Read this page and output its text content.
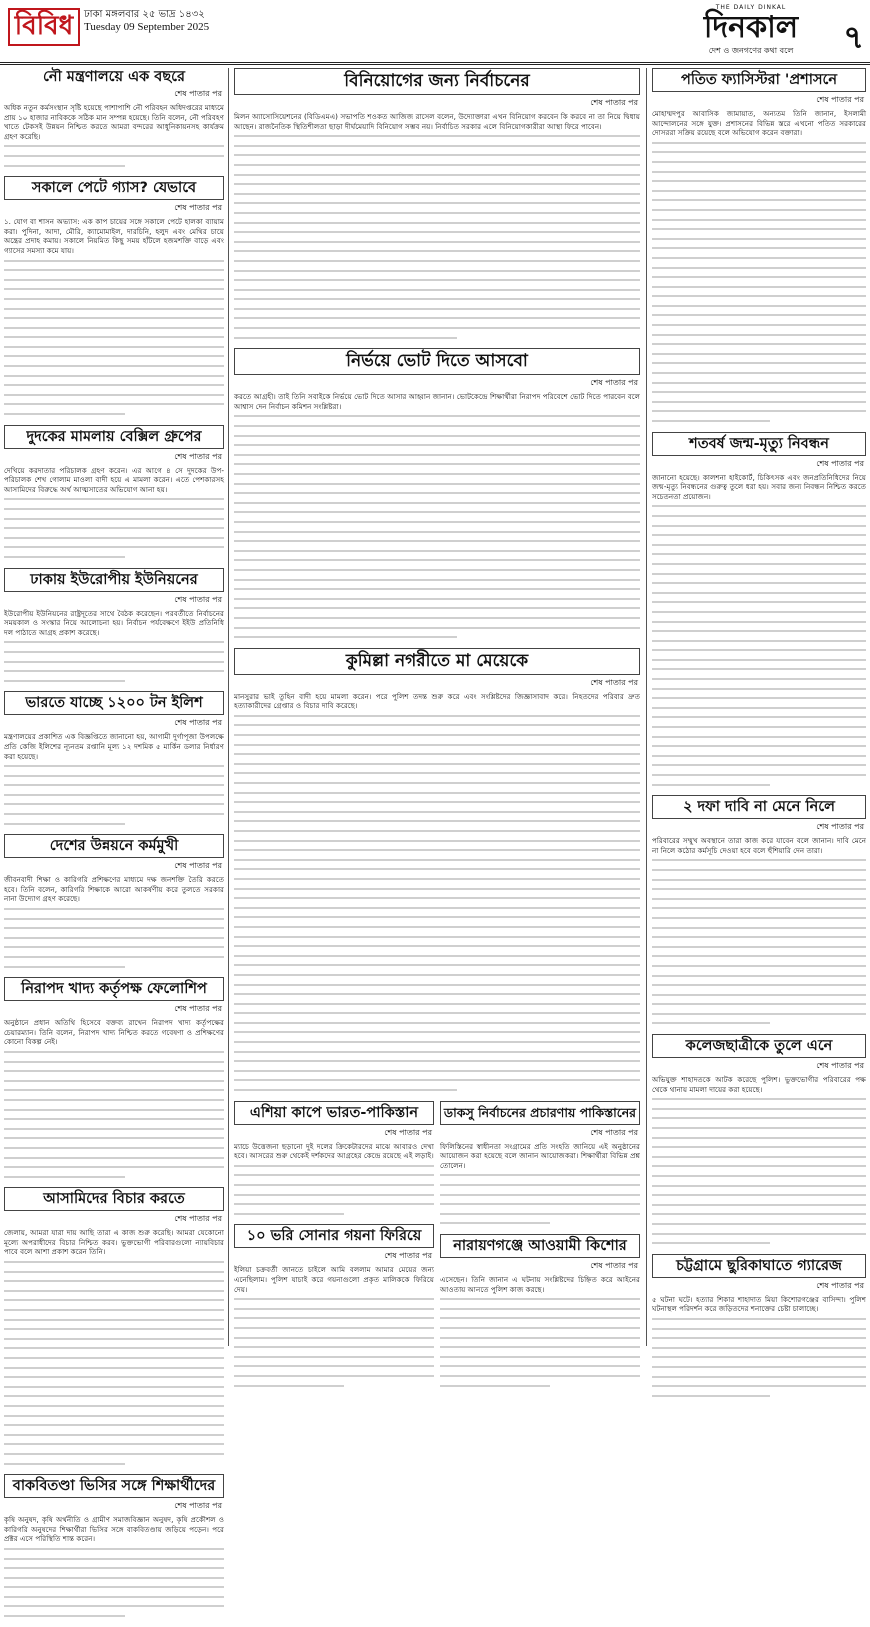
বিবিধ	ঢাকা মঙ্গলবার ২৫ ভাদ্র ১৪৩২
Tuesday 09 September 2025
THE DAILY DINKAL
দিনকাল
দেশ ও জনগণের কথা বলে	৭
নৌ মন্ত্রণালয়ে এক বছরে
শেষ পাতার পর

অধিক নতুন কর্মসংস্থান সৃষ্টি হয়েছে পাশাপাশি নৌ পরিবহন অধিদপ্তরের মাধ্যমে প্রায় ১০ হাজার নাবিককে সঠিক মান সম্পন্ন হয়েছে। তিনি বলেন, নৌ পরিবহণ খাতে টেকসই উন্নয়ন নিশ্চিত করতে আমরা বন্দরের আধুনিকায়নসহ কার্যক্রম গ্রহণ করেছি।

সকালে পেটে গ্যাস? যেভাবে
শেষ পাতার পর

১. যোগ বা শাসন অভ্যাস: এক কাপ চায়ের সঙ্গে সকালে পেটে হালকা ব্যায়াম করা। পুদিনা, আদা, মৌরি, ক্যামোমাইল, দারচিনি, হলুদ এবং মেথির চায়ে অন্ত্রের প্রদাহ কমায়। সকালে নিয়মিত কিছু সময় হাঁটলে হজমশক্তি বাড়ে এবং গ্যাসের সমস্যা কমে যায়।

দুদকের মামলায় বেক্সিল গ্রুপের
শেষ পাতার পর

দেখিয়ে করদাতার পরিচালক গ্রহণ করেন। এর আগে ৪ সে দুদকের উপ-পরিচালক শেখ গোলাম মাওলা বাদী হয়ে এ মামলা করেন। এতে পেশকারসহ আসামিদের বিরুদ্ধে অর্থ আত্মসাতের অভিযোগ আনা হয়।

ঢাকায় ইউরোপীয় ইউনিয়নের
শেষ পাতার পর

ইউরোপীয় ইউনিয়নের রাষ্ট্রদূতের সাথে বৈঠক করেছেন। পরবর্তীতে নির্বাচনের সময়কাল ও সংস্কার নিয়ে আলোচনা হয়। নির্বাচন পর্যবেক্ষণে ইইউ প্রতিনিধি দল পাঠাতে আগ্রহ প্রকাশ করেছে।

ভারতে যাচ্ছে ১২০০ টন ইলিশ
শেষ পাতার পর

মন্ত্রণালয়ের প্রকাশিত এক বিজ্ঞপ্তিতে জানানো হয়, আগামী দুর্গাপূজা উপলক্ষে প্রতি কেজি ইলিশের ন্যূনতম রপ্তানি মূল্য ১২ দশমিক ৫ মার্কিন ডলার নির্ধারণ করা হয়েছে।

দেশের উন্নয়নে কর্মমুখী
শেষ পাতার পর

জীবনবাদী শিক্ষা ও কারিগরি প্রশিক্ষণের মাধ্যমে দক্ষ জনশক্তি তৈরি করতে হবে। তিনি বলেন, কারিগরি শিক্ষাকে আরো আকর্ষণীয় করে তুলতে সরকার নানা উদ্যোগ গ্রহণ করেছে।

নিরাপদ খাদ্য কর্তৃপক্ষ ফেলোশিপ
শেষ পাতার পর

অনুষ্ঠানে প্রধান অতিথি হিসেবে বক্তব্য রাখেন নিরাপদ খাদ্য কর্তৃপক্ষের চেয়ারম্যান। তিনি বলেন, নিরাপদ খাদ্য নিশ্চিত করতে গবেষণা ও প্রশিক্ষণের কোনো বিকল্প নেই।

আসামিদের বিচার করতে
শেষ পাতার পর

জেলায়, আমরা যারা দায় আছি তারা এ কাজ শুরু করেছি। আমরা যেকোনো মূল্যে অপরাধীদের বিচার নিশ্চিত করব। ভুক্তভোগী পরিবারগুলো ন্যায়বিচার পাবে বলে আশা প্রকাশ করেন তিনি।

বাকবিতণ্ডা ভিসির সঙ্গে শিক্ষার্থীদের
শেষ পাতার পর

কৃষি অনুষদ, কৃষি অর্থনীতি ও গ্রামীণ সমাজবিজ্ঞান অনুষদ, কৃষি প্রকৌশল ও কারিগরি অনুষদের শিক্ষার্থীরা ভিসির সঙ্গে বাকবিতণ্ডায় জড়িয়ে পড়েন। পরে প্রক্টর এসে পরিস্থিতি শান্ত করেন।

বিনিয়োগের জন্য নির্বাচনের
শেষ পাতার পর

মিলন অ্যাসোসিয়েশনের (বিডিএমএ) সভাপতি শওকত আজিজ রাসেল বলেন, উদ্যোক্তারা এখন বিনিয়োগ করবেন কি করবে না তা নিয়ে দ্বিধায় আছেন। রাজনৈতিক স্থিতিশীলতা ছাড়া দীর্ঘমেয়াদি বিনিয়োগ সম্ভব নয়। নির্বাচিত সরকার এলে বিনিয়োগকারীরা আস্থা ফিরে পাবেন।

নির্ভয়ে ভোট দিতে আসবো
শেষ পাতার পর

করতে আগ্রহী। তাই তিনি সবাইকে নির্ভয়ে ভোট দিতে আসার আহ্বান জানান। ভোটকেন্দ্রে শিক্ষার্থীরা নিরাপদ পরিবেশে ভোট দিতে পারবেন বলে আশ্বাস দেন নির্বাচন কমিশন সংশ্লিষ্টরা।

কুমিল্লা নগরীতে মা মেয়েকে
শেষ পাতার পর

মানসুরার ভাই তুহিন বাদী হয়ে মামলা করেন। পরে পুলিশ তদন্ত শুরু করে এবং সংশ্লিষ্টদের জিজ্ঞাসাবাদ করে। নিহতদের পরিবার দ্রুত হত্যাকারীদের গ্রেপ্তার ও বিচার দাবি করেছে।

এশিয়া কাপে ভারত-পাকিস্তান
শেষ পাতার পর

ম্যাচে উত্তেজনা ছড়ানো দুই দলের ক্রিকেটারদের মাঝে আবারও দেখা হবে। আসরের শুরু থেকেই দর্শকদের আগ্রহের কেন্দ্রে রয়েছে এই লড়াই।

১০ ভরি সোনার গয়না ফিরিয়ে
শেষ পাতার পর

ইলিয়া চক্রবর্তী জানতে চাইলে আমি বললাম আমার মেয়ের জন্য এনেছিলাম। পুলিশ যাচাই করে গয়নাগুলো প্রকৃত মালিককে ফিরিয়ে দেয়।

ডাকসু নির্বাচনের প্রচারণায় পাকিস্তানের
শেষ পাতার পর

ফিলিস্তিনের স্বাধীনতা সংগ্রামের প্রতি সংহতি জানিয়ে এই অনুষ্ঠানের আয়োজন করা হয়েছে বলে জানান আয়োজকরা। শিক্ষার্থীরা বিভিন্ন প্রশ্ন তোলেন।

নারায়ণগঞ্জে আওয়ামী কিশোর
শেষ পাতার পর

এসেছেন। তিনি জানান এ ঘটনায় সংশ্লিষ্টদের চিহ্নিত করে আইনের আওতায় আনতে পুলিশ কাজ করছে।

পতিত ফ্যাসিস্টরা 'প্রশাসনে
শেষ পাতার পর

মোহাম্মদপুর আবাসিক জামায়াত, অন্যতম তিনি জানান, ইসলামী আন্দোলনের সঙ্গে যুক্ত। প্রশাসনের বিভিন্ন স্তরে এখনো পতিত সরকারের দোসররা সক্রিয় রয়েছে বলে অভিযোগ করেন বক্তারা।

শতবর্ষ জন্ম-মৃত্যু নিবন্ধন
শেষ পাতার পর

জানানো হয়েছে। কালশনা হাইকোর্ট, চিকিৎসক এবং জনপ্রতিনিধিদের নিয়ে জন্ম-মৃত্যু নিবন্ধনের গুরুত্ব তুলে ধরা হয়। সবার জন্য নিবন্ধন নিশ্চিত করতে সচেতনতা প্রয়োজন।

২ দফা দাবি না মেনে নিলে
শেষ পাতার পর

পরিবারের সম্মুখ অবস্থানে তারা কাজ করে যাবেন বলে জানান। দাবি মেনে না নিলে কঠোর কর্মসূচি দেওয়া হবে বলে হুঁশিয়ারি দেন তারা।

কলেজছাত্রীকে তুলে এনে
শেষ পাতার পর

অভিযুক্ত শাহাদতকে আটক করেছে পুলিশ। ভুক্তভোগীর পরিবারের পক্ষ থেকে থানায় মামলা দায়ের করা হয়েছে।

চট্টগ্রামে ছুরিকাঘাতে গ্যারেজ
শেষ পাতার পর

৫ ঘটনা ঘটে। হত্যার শিকার শাহাদাত মিয়া কিশোরগঞ্জের বাসিন্দা। পুলিশ ঘটনাস্থল পরিদর্শন করে জড়িতদের শনাক্তের চেষ্টা চালাচ্ছে।
